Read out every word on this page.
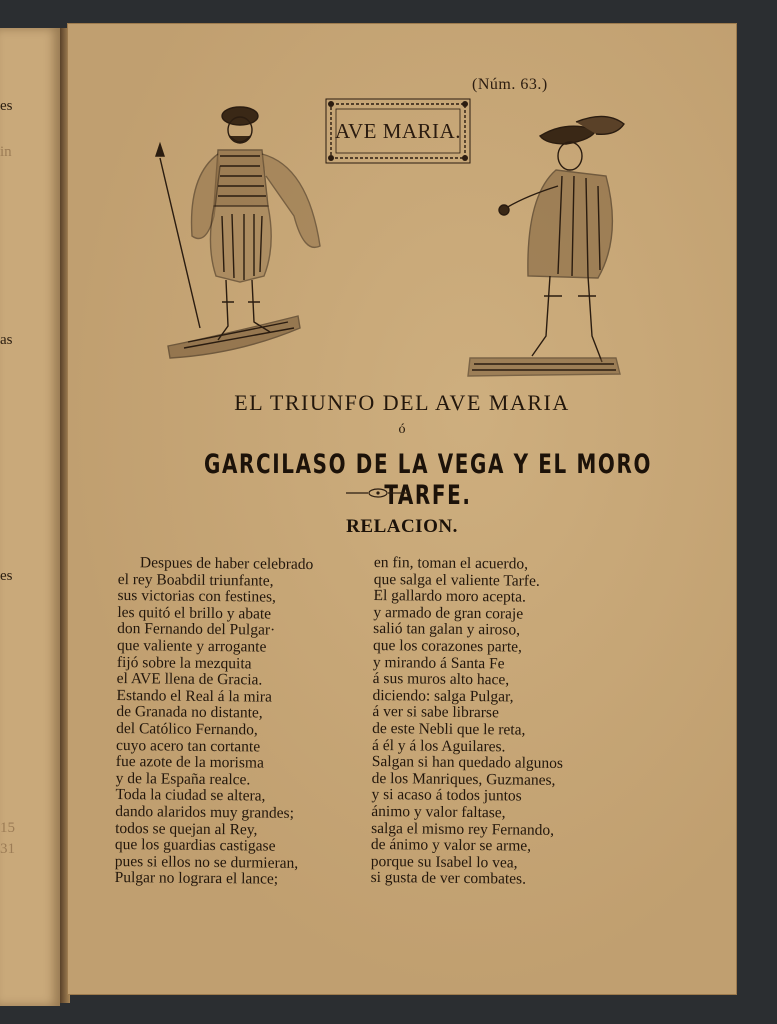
es
in
as
es
15
31
(Núm. 63.)
AVE MARIA.
EL TRIUNFO DEL AVE MARIA
ó
GARCILASO DE LA VEGA Y EL MORO TARFE.
RELACION.
Despues de haber celebrado
el rey Boabdil triunfante,
sus victorias con festines,
les quitó el brillo y abate
don Fernando del Pulgar·
que valiente y arrogante
fijó sobre la mezquita
el AVE llena de Gracia.
Estando el Real á la mira
de Granada no distante,
del Católico Fernando,
cuyo acero tan cortante
fue azote de la morisma
y de la España realce.
Toda la ciudad se altera,
dando alaridos muy grandes;
todos se quejan al Rey,
que los guardias castigase
pues si ellos no se durmieran,
Pulgar no lograra el lance;
en fin, toman el acuerdo,
que salga el valiente Tarfe.
El gallardo moro acepta.
y armado de gran coraje
salió tan galan y airoso,
que los corazones parte,
y mirando á Santa Fe
á sus muros alto hace,
diciendo: salga Pulgar,
á ver si sabe librarse
de este Nebli que le reta,
á él y á los Aguilares.
Salgan si han quedado algunos
de los Manriques, Guzmanes,
y si acaso á todos juntos
ánimo y valor faltase,
salga el mismo rey Fernando,
de ánimo y valor se arme,
porque su Isabel lo vea,
si gusta de ver combates.
